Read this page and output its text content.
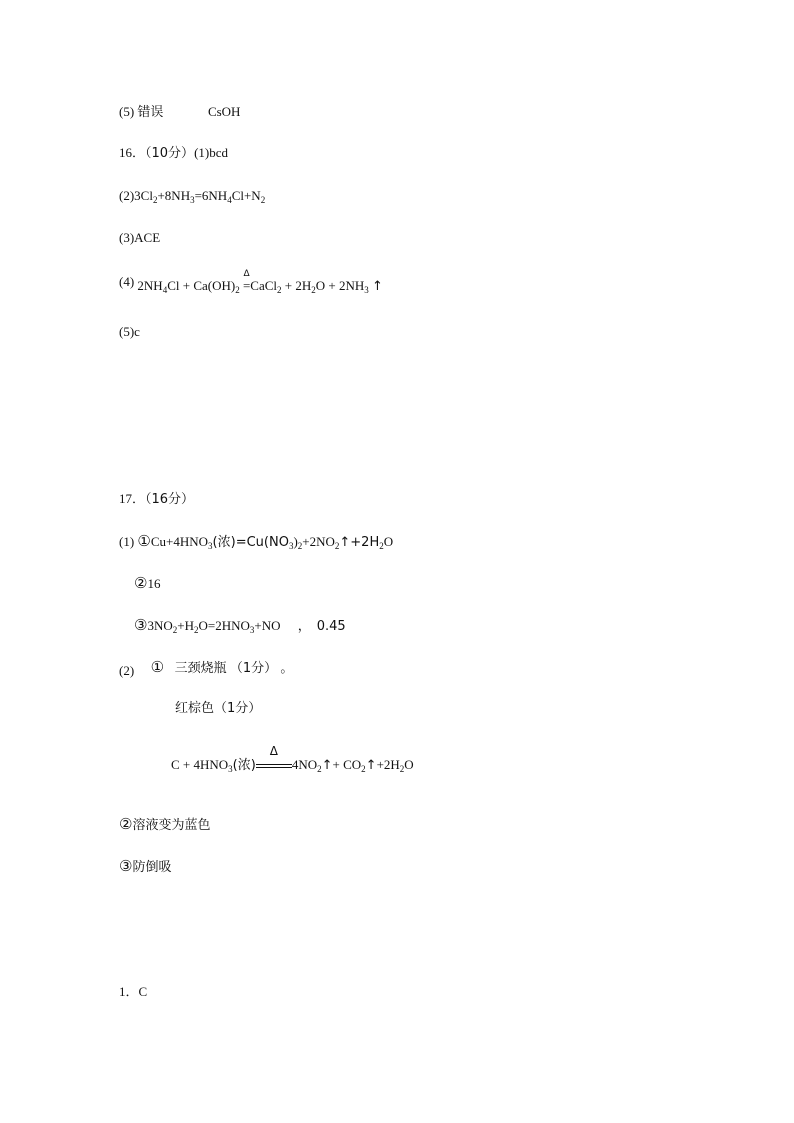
(5) 错误	CsOH
16．（10分）(1)bcd
$(2)3Cl_2+8NH_3=6NH_4Cl+N_2$
(3)ACE
(4) $2NH_4Cl + Ca(OH)_2$
Δ
=CaCl$_2$ + $2H_2O + 2NH_3$ ↑
(5)c
17．（16分）
(1) $①Cu+4HNO_3$(浓)$=Cu(NO_3)_2+2NO_2↑+2H_2O$
②16
$③3NO_2+H_2O=2HNO_3+NO$ ， 0.45
(2) ① 三颈烧瓶 （1分） 。
红棕色（1分）
$C + 4HNO_3$(浓)
Δ
$4NO_2↑+$ $CO_2↑+2H_2O$
②溶液变为蓝色
③防倒吸
1．C
